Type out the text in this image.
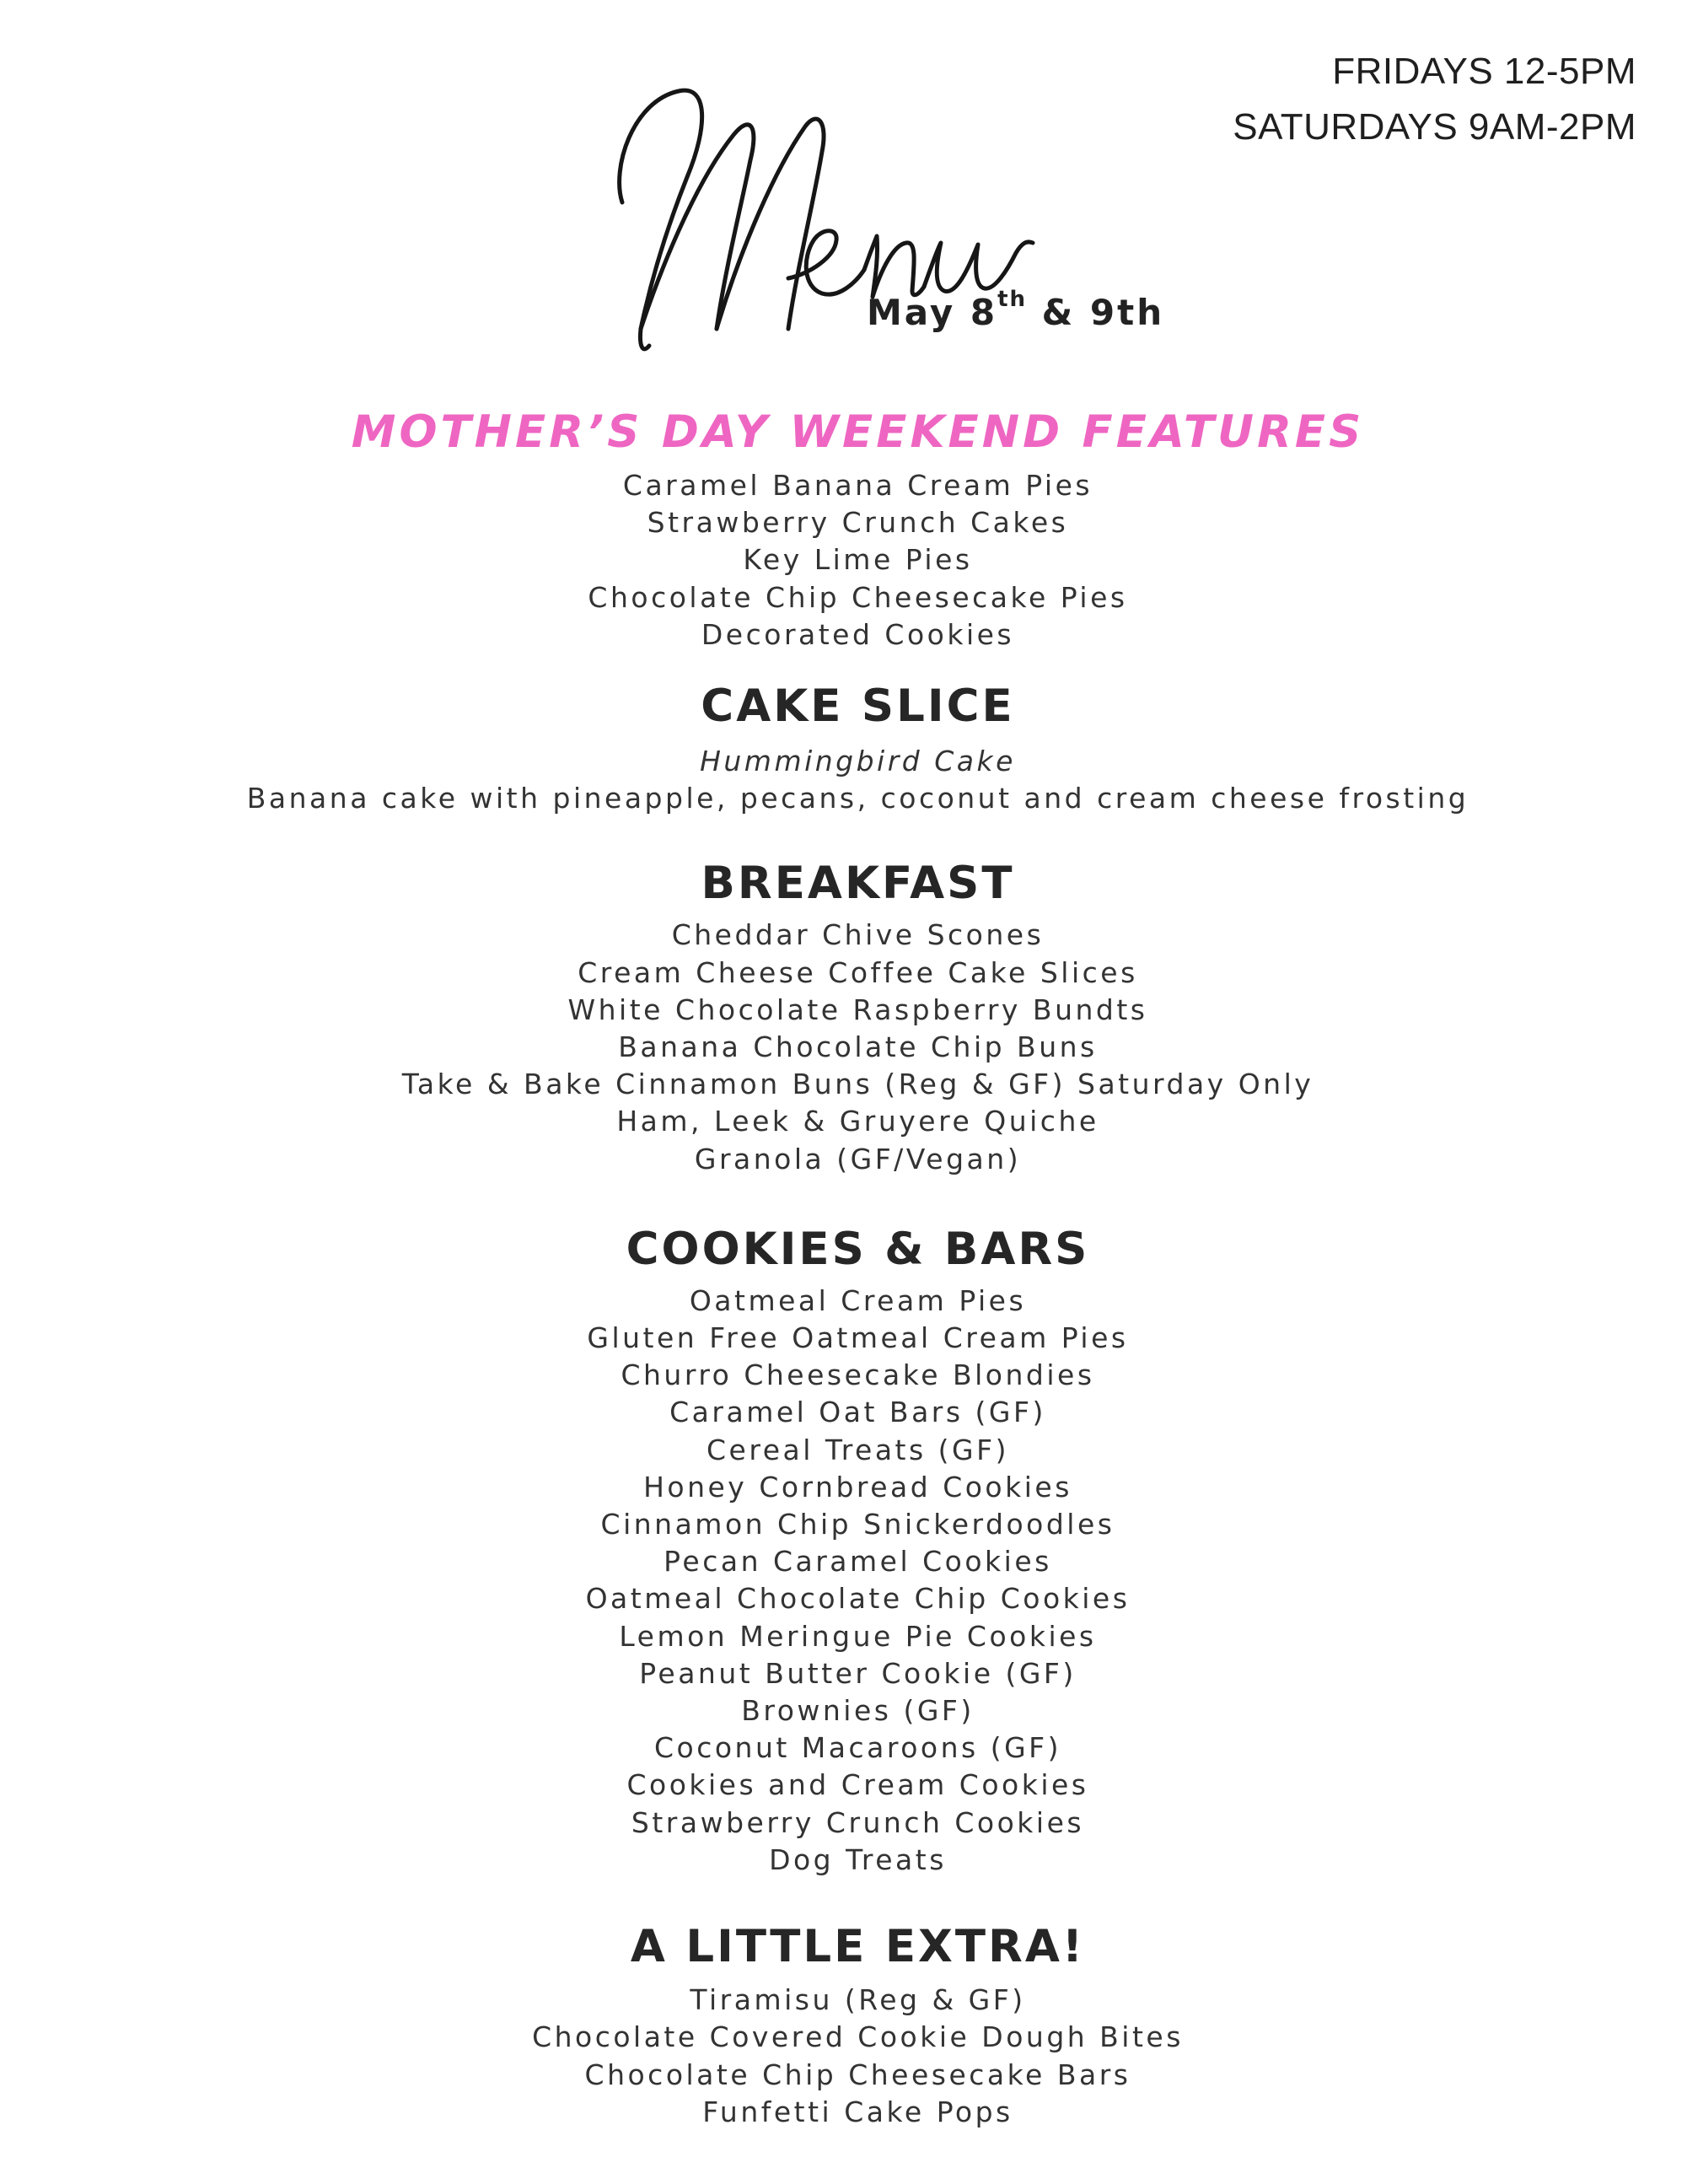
FRIDAYS 12-5PM
SATURDAYS 9AM-2PM
May 8th & 9th
MOTHER’S DAY WEEKEND FEATURES
Caramel Banana Cream Pies
Strawberry Crunch Cakes
Key Lime Pies
Chocolate Chip Cheesecake Pies
Decorated Cookies
CAKE SLICE
Hummingbird Cake
Banana cake with pineapple, pecans, coconut and cream cheese frosting
BREAKFAST
Cheddar Chive Scones
Cream Cheese Coffee Cake Slices
White Chocolate Raspberry Bundts
Banana Chocolate Chip Buns
Take & Bake Cinnamon Buns (Reg & GF) Saturday Only
Ham, Leek & Gruyere Quiche
Granola (GF/Vegan)
COOKIES & BARS
Oatmeal Cream Pies
Gluten Free Oatmeal Cream Pies
Churro Cheesecake Blondies
Caramel Oat Bars (GF)
Cereal Treats (GF)
Honey Cornbread Cookies
Cinnamon Chip Snickerdoodles
Pecan Caramel Cookies
Oatmeal Chocolate Chip Cookies
Lemon Meringue Pie Cookies
Peanut Butter Cookie (GF)
Brownies (GF)
Coconut Macaroons (GF)
Cookies and Cream Cookies
Strawberry Crunch Cookies
Dog Treats
A LITTLE EXTRA!
Tiramisu (Reg & GF)
Chocolate Covered Cookie Dough Bites
Chocolate Chip Cheesecake Bars
Funfetti Cake Pops
